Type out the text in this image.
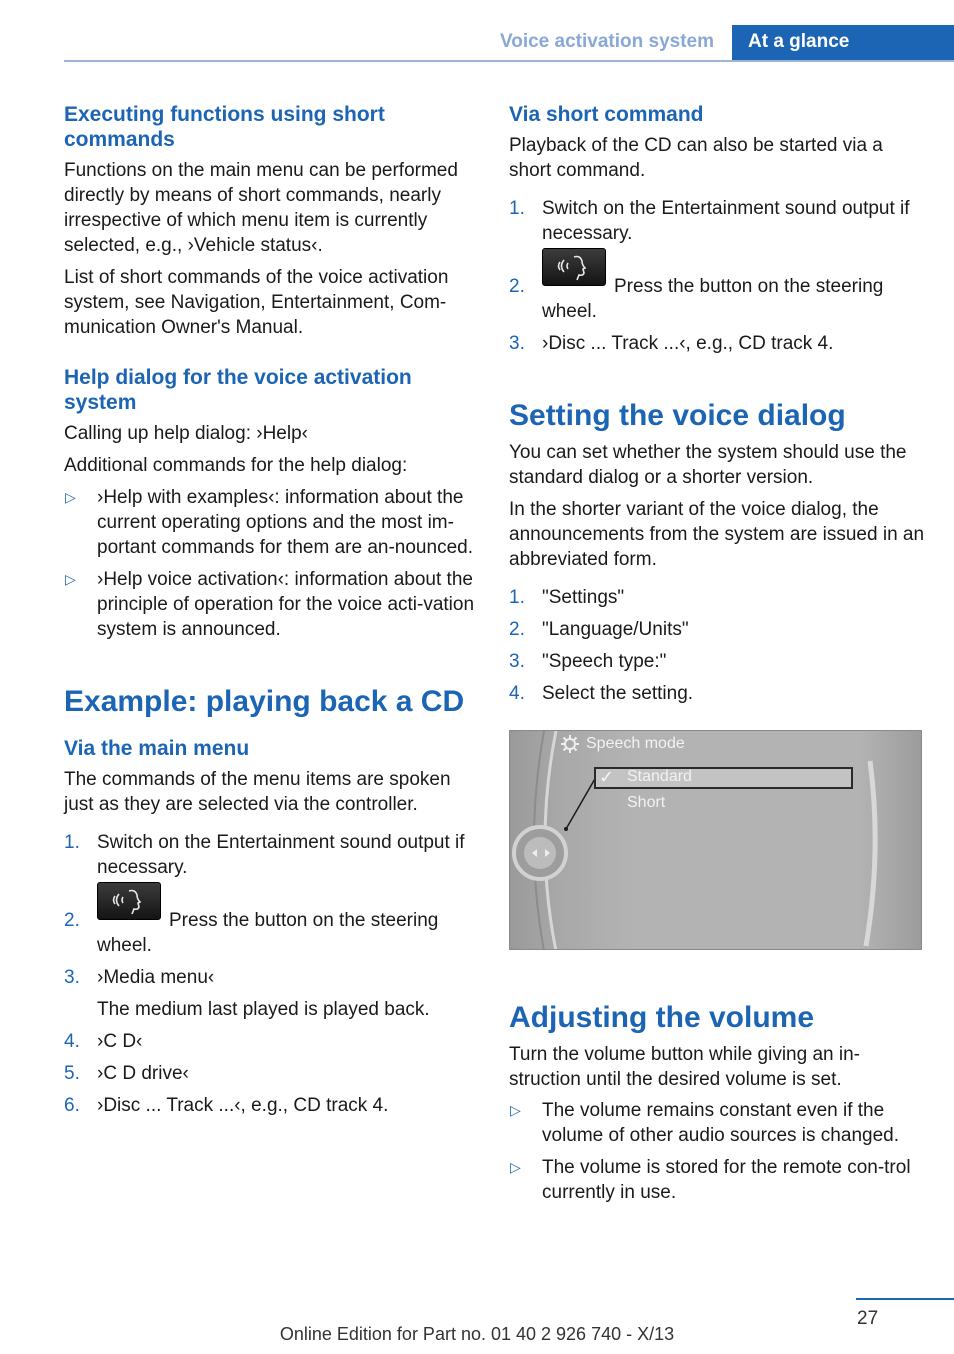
Voice activation system	At a glance
Executing functions using short commands
Functions on the main menu can be performed directly by means of short commands, nearly irrespective of which menu item is currently selected, e.g., ›Vehicle status‹.
List of short commands of the voice activation system, see Navigation, Entertainment, Com‐munication Owner's Manual.
Help dialog for the voice activation system
Calling up help dialog: ›Help‹
Additional commands for the help dialog:
▷ ›Help with examples‹: information about the current operating options and the most im‐portant commands for them are an‐nounced.
▷ ›Help voice activation‹: information about the principle of operation for the voice acti‐vation system is announced.
Example: playing back a CD
Via the main menu
The commands of the menu items are spoken just as they are selected via the controller.
1. Switch on the Entertainment sound output if necessary.
2.	Press the button on the steering wheel.
3. ›Media menu‹
The medium last played is played back.
4. ›C D‹
5. ›C D drive‹
6. ›Disc ... Track ...‹, e.g., CD track 4.
Via short command
Playback of the CD can also be started via a short command.
1. Switch on the Entertainment sound output if necessary.
2.	Press the button on the steering wheel.
3. ›Disc ... Track ...‹, e.g., CD track 4.
Setting the voice dialog
You can set whether the system should use the standard dialog or a shorter version.
In the shorter variant of the voice dialog, the announcements from the system are issued in an abbreviated form.
1. "Settings"
2. "Language/Units"
3. "Speech type:"
4. Select the setting.
Speech mode
✓ Standard
Short
Adjusting the volume
Turn the volume button while giving an in‐struction until the desired volume is set.
▷ The volume remains constant even if the volume of other audio sources is changed.
▷ The volume is stored for the remote con‐trol currently in use.
27
Online Edition for Part no. 01 40 2 926 740 - X/13
